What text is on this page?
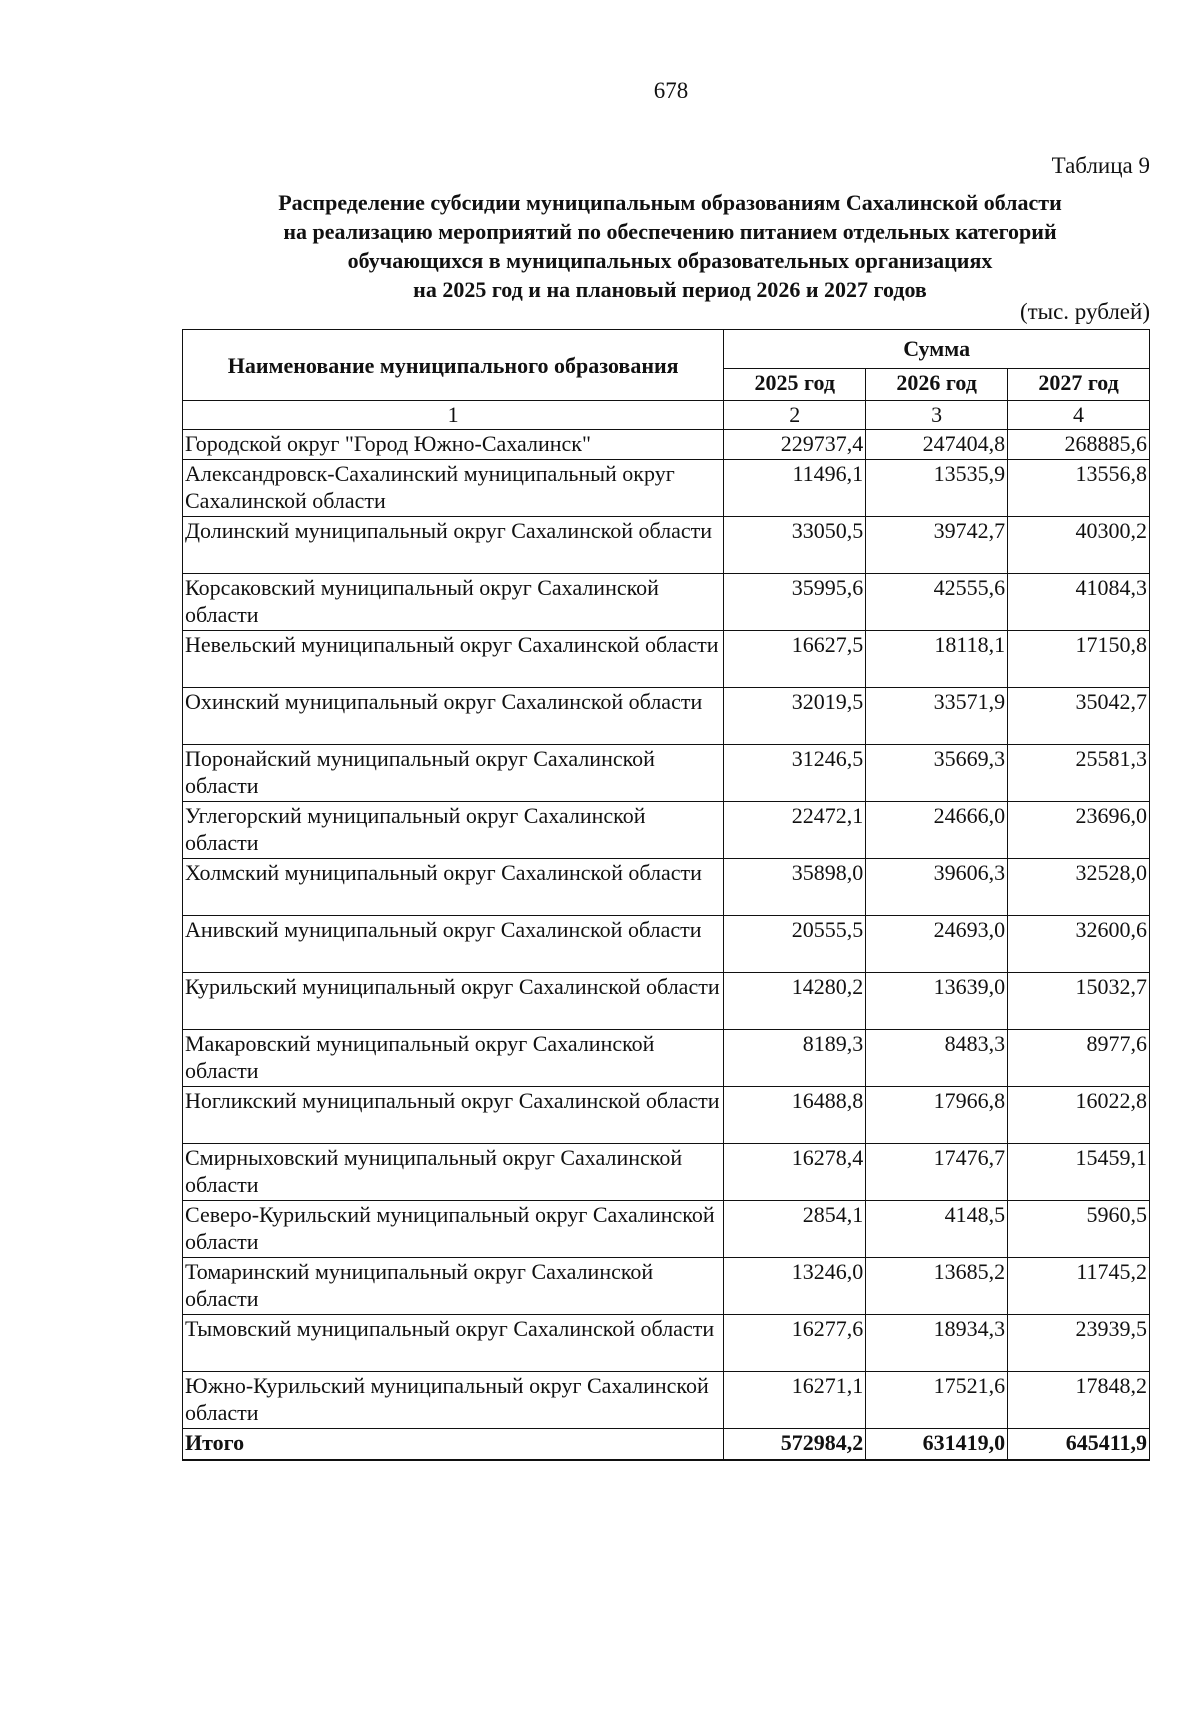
678
Таблица 9
Распределение субсидии муниципальным образованиям Сахалинской области
на реализацию мероприятий по обеспечению питанием отдельных категорий
обучающихся в муниципальных образовательных организациях
на 2025 год и на плановый период 2026 и 2027 годов
(тыс. рублей)
Наименование муниципального образования	Сумма		
	2025 год	2026 год	2027 год
1	2	3	4
Городской округ "Город Южно-Сахалинск"	229737,4	247404,8	268885,6
Александровск-Сахалинский муниципальный округ Сахалинской области	11496,1	13535,9	13556,8
Долинский муниципальный округ Сахалинской области	33050,5	39742,7	40300,2
Корсаковский муниципальный округ Сахалинской области	35995,6	42555,6	41084,3
Невельский муниципальный округ Сахалинской области	16627,5	18118,1	17150,8
Охинский муниципальный округ Сахалинской области	32019,5	33571,9	35042,7
Поронайский муниципальный округ Сахалинской области	31246,5	35669,3	25581,3
Углегорский муниципальный округ Сахалинской области	22472,1	24666,0	23696,0
Холмский муниципальный округ Сахалинской области	35898,0	39606,3	32528,0
Анивский муниципальный округ Сахалинской области	20555,5	24693,0	32600,6
Курильский муниципальный округ Сахалинской области	14280,2	13639,0	15032,7
Макаровский муниципальный округ Сахалинской области	8189,3	8483,3	8977,6
Ногликский муниципальный округ Сахалинской области	16488,8	17966,8	16022,8
Смирныховский муниципальный округ Сахалинской области	16278,4	17476,7	15459,1
Северо-Курильский муниципальный округ Сахалинской области	2854,1	4148,5	5960,5
Томаринский муниципальный округ Сахалинской области	13246,0	13685,2	11745,2
Тымовский муниципальный округ Сахалинской области	16277,6	18934,3	23939,5
Южно-Курильский муниципальный округ Сахалинской области	16271,1	17521,6	17848,2
Итого	572984,2	631419,0	645411,9
